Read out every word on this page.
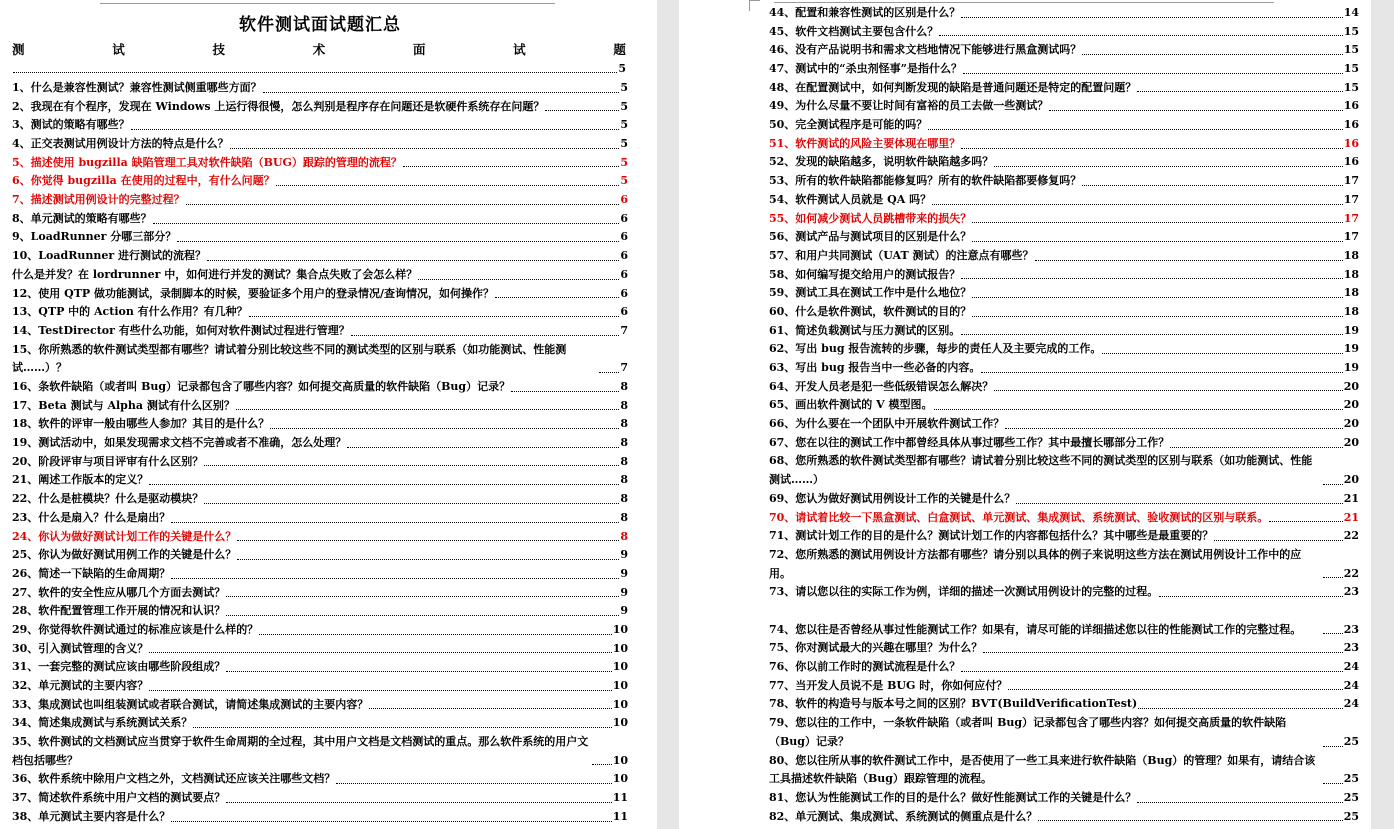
软件测试面试题汇总
测	试	技	术	面	试	题
5
1、什么是兼容性测试？兼容性测试侧重哪些方面？	5
2、我现在有个程序，发现在 Windows 上运行得很慢，怎么判别是程序存在问题还是软硬件系统存在问题？	5
3、测试的策略有哪些？	5
4、正交表测试用例设计方法的特点是什么？	5
5、描述使用 bugzilla 缺陷管理工具对软件缺陷（BUG）跟踪的管理的流程？	5
6、你觉得 bugzilla 在使用的过程中，有什么问题？	5
7、描述测试用例设计的完整过程？	6
8、单元测试的策略有哪些？	6
9、LoadRunner 分哪三部分？	6
10、LoadRunner 进行测试的流程？	6
什么是并发？在 lordrunner 中，如何进行并发的测试？集合点失败了会怎么样？	6
12、使用 QTP 做功能测试，录制脚本的时候，要验证多个用户的登录情况/查询情况，如何操作？	6
13、QTP 中的 Action 有什么作用？有几种？	6
14、TestDirector 有些什么功能，如何对软件测试过程进行管理？	7
15、你所熟悉的软件测试类型都有哪些？请试着分别比较这些不同的测试类型的区别与联系（如功能测试、性能测试……）？	7
16、条软件缺陷（或者叫 Bug）记录都包含了哪些内容？如何提交高质量的软件缺陷（Bug）记录？	8
17、Beta 测试与 Alpha 测试有什么区别？	8
18、软件的评审一般由哪些人参加？其目的是什么？	8
19、测试活动中，如果发现需求文档不完善或者不准确，怎么处理？	8
20、阶段评审与项目评审有什么区别？	8
21、阐述工作版本的定义？	8
22、什么是桩模块？什么是驱动模块？	8
23、什么是扇入？什么是扇出？	8
24、你认为做好测试计划工作的关键是什么？	8
25、你认为做好测试用例工作的关键是什么？	9
26、简述一下缺陷的生命周期？	9
27、软件的安全性应从哪几个方面去测试？	9
28、软件配置管理工作开展的情况和认识？	9
29、你觉得软件测试通过的标准应该是什么样的？	10
30、引入测试管理的含义？	10
31、一套完整的测试应该由哪些阶段组成？	10
32、单元测试的主要内容？	10
33、集成测试也叫组装测试或者联合测试，请简述集成测试的主要内容？	10
34、简述集成测试与系统测试关系？	10
35、软件测试的文档测试应当贯穿于软件生命周期的全过程，其中用户文档是文档测试的重点。那么软件系统的用户文档包括哪些？	10
36、软件系统中除用户文档之外，文档测试还应该关注哪些文档？	10
37、简述软件系统中用户文档的测试要点？	11
38、单元测试主要内容是什么？	11
44、配置和兼容性测试的区别是什么？	14
45、软件文档测试主要包含什么？	15
46、没有产品说明书和需求文档地情况下能够进行黑盒测试吗？	15
47、测试中的“杀虫剂怪事”是指什么？	15
48、在配置测试中，如何判断发现的缺陷是普通问题还是特定的配置问题？	15
49、为什么尽量不要让时间有富裕的员工去做一些测试？	16
50、完全测试程序是可能的吗？	16
51、软件测试的风险主要体现在哪里？	16
52、发现的缺陷越多，说明软件缺陷越多吗？	16
53、所有的软件缺陷都能修复吗？所有的软件缺陷都要修复吗？	17
54、软件测试人员就是 QA 吗？	17
55、如何减少测试人员跳槽带来的损失？	17
56、测试产品与测试项目的区别是什么？	17
57、和用户共同测试（UAT 测试）的注意点有哪些？	18
58、如何编写提交给用户的测试报告？	18
59、测试工具在测试工作中是什么地位？	18
60、什么是软件测试，软件测试的目的？	18
61、简述负载测试与压力测试的区别。	19
62、写出 bug 报告流转的步骤，每步的责任人及主要完成的工作。	19
63、写出 bug 报告当中一些必备的内容。	19
64、开发人员老是犯一些低级错误怎么解决？	20
65、画出软件测试的 V 模型图。	20
66、为什么要在一个团队中开展软件测试工作？	20
67、您在以往的测试工作中都曾经具体从事过哪些工作？其中最擅长哪部分工作？	20
68、您所熟悉的软件测试类型都有哪些？请试着分别比较这些不同的测试类型的区别与联系（如功能测试、性能测试……）	20
69、您认为做好测试用例设计工作的关键是什么？	21
70、请试着比较一下黑盒测试、白盒测试、单元测试、集成测试、系统测试、验收测试的区别与联系。	21
71、测试计划工作的目的是什么？测试计划工作的内容都包括什么？其中哪些是最重要的？	22
72、您所熟悉的测试用例设计方法都有哪些？请分别以具体的例子来说明这些方法在测试用例设计工作中的应用。	22
73、请以您以往的实际工作为例，详细的描述一次测试用例设计的完整的过程。	23
74、您以往是否曾经从事过性能测试工作？如果有，请尽可能的详细描述您以往的性能测试工作的完整过程。	23
75、你对测试最大的兴趣在哪里？为什么？	23
76、你以前工作时的测试流程是什么？	24
77、当开发人员说不是 BUG 时，你如何应付？	24
78、软件的构造号与版本号之间的区别？BVT(BuildVerificationTest)	24
79、您以往的工作中，一条软件缺陷（或者叫 Bug）记录都包含了哪些内容？如何提交高质量的软件缺陷（Bug）记录？	25
80、您以往所从事的软件测试工作中，是否使用了一些工具来进行软件缺陷（Bug）的管理？如果有，请结合该工具描述软件缺陷（Bug）跟踪管理的流程。	25
81、您认为性能测试工作的目的是什么？做好性能测试工作的关键是什么？	25
82、单元测试、集成测试、系统测试的侧重点是什么？	25
